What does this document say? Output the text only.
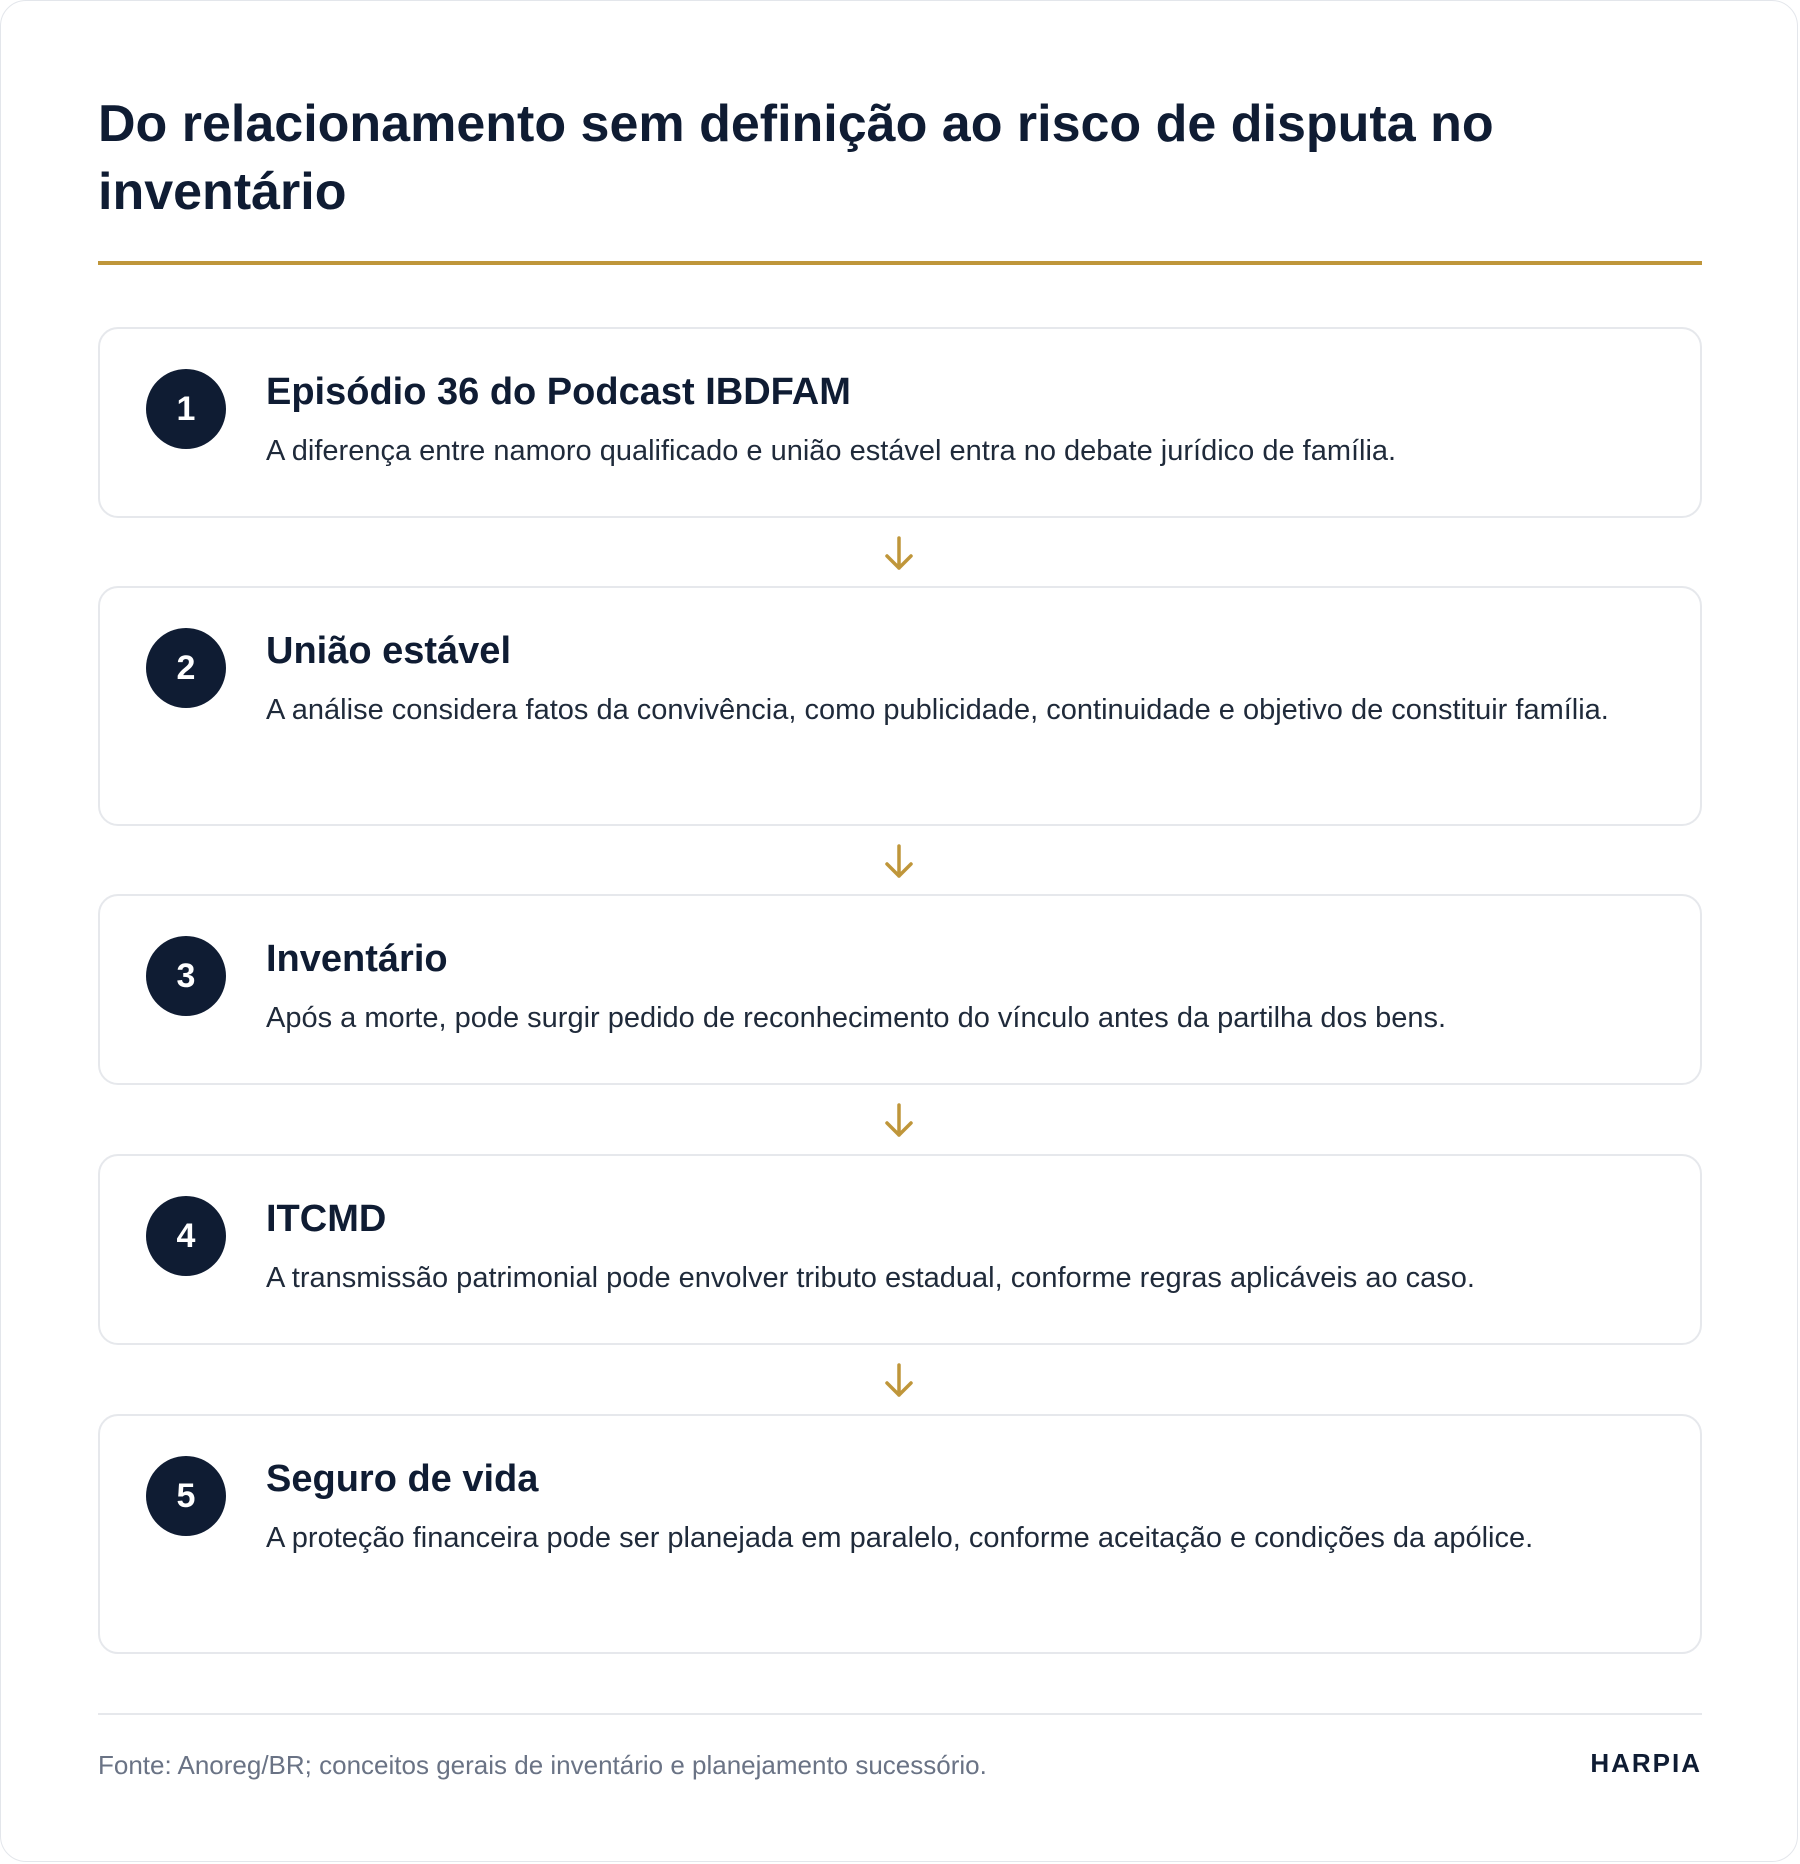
Do relacionamento sem definição ao risco de disputa no inventário
1	Episódio 36 do Podcast IBDFAM

A diferença entre namoro qualificado e união estável entra no debate jurídico de família.

2	União estável

A análise considera fatos da convivência, como publicidade, continuidade e objetivo de constituir família.

3	Inventário

Após a morte, pode surgir pedido de reconhecimento do vínculo antes da partilha dos bens.

4	ITCMD

A transmissão patrimonial pode envolver tributo estadual, conforme regras aplicáveis ao caso.

5	Seguro de vida

A proteção financeira pode ser planejada em paralelo, conforme aceitação e condições da apólice.

Fonte: Anoreg/BR; conceitos gerais de inventário e planejamento sucessório.	HARPIA
